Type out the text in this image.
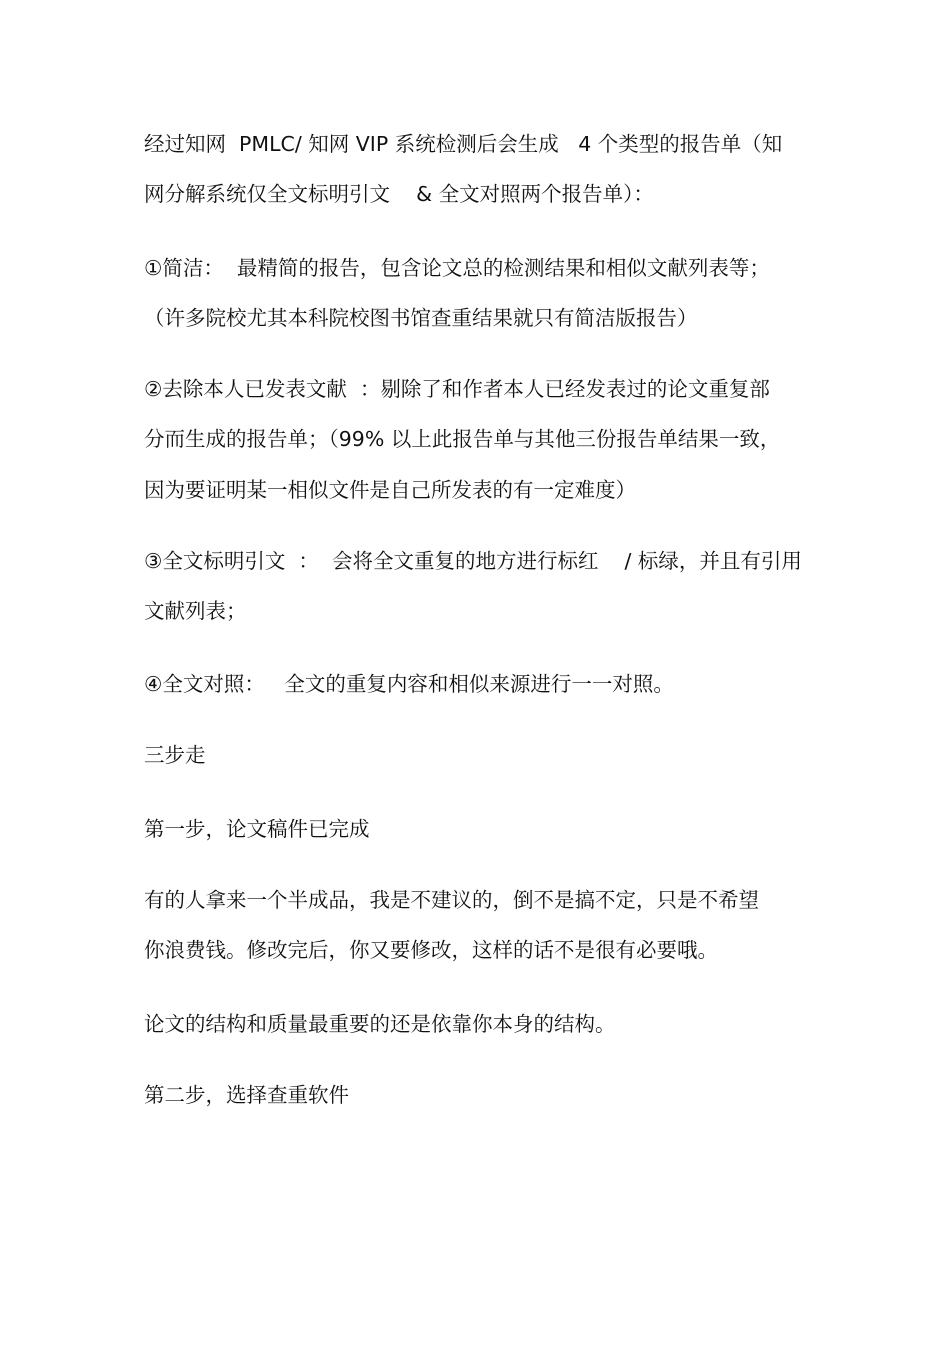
经过知网  PMLC/ 知网 VIP 系统检测后会生成   4 个类型的报告单（知

网分解系统仅全文标明引文    & 全文对照两个报告单）：

①简洁：  最精简的报告，包含论文总的检测结果和相似文献列表等；

（许多院校尤其本科院校图书馆查重结果就只有简洁版报告）

②去除本人已发表文献  ：剔除了和作者本人已经发表过的论文重复部

分而生成的报告单；（99% 以上此报告单与其他三份报告单结果一致，

因为要证明某一相似文件是自己所发表的有一定难度）

③全文标明引文  ：  会将全文重复的地方进行标红    / 标绿，并且有引用

文献列表；

④全文对照：   全文的重复内容和相似来源进行一一对照。

三步走

第一步，论文稿件已完成

有的人拿来一个半成品，我是不建议的，倒不是搞不定，只是不希望

你浪费钱。修改完后，你又要修改，这样的话不是很有必要哦。

论文的结构和质量最重要的还是依靠你本身的结构。

第二步，选择查重软件
